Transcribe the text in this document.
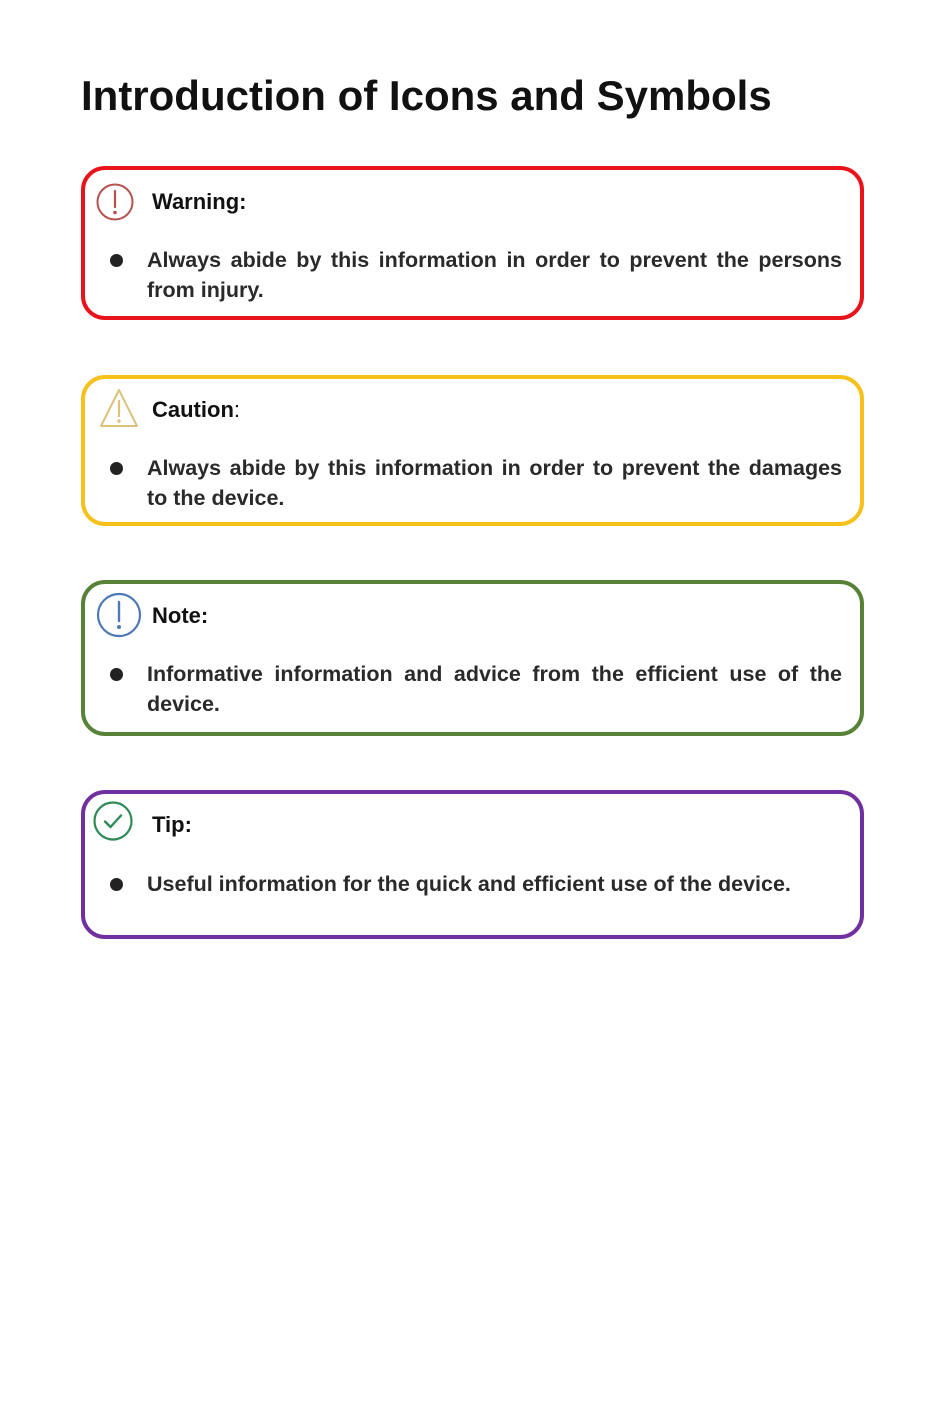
Introduction of Icons and Symbols
Warning:

Always abide by this information in order to prevent the persons from injury.

Caution:

Always abide by this information in order to prevent the damages to the device.

Note:

Informative information and advice from the efficient use of the device.

Tip:

Useful information for the quick and efficient use of the device.
